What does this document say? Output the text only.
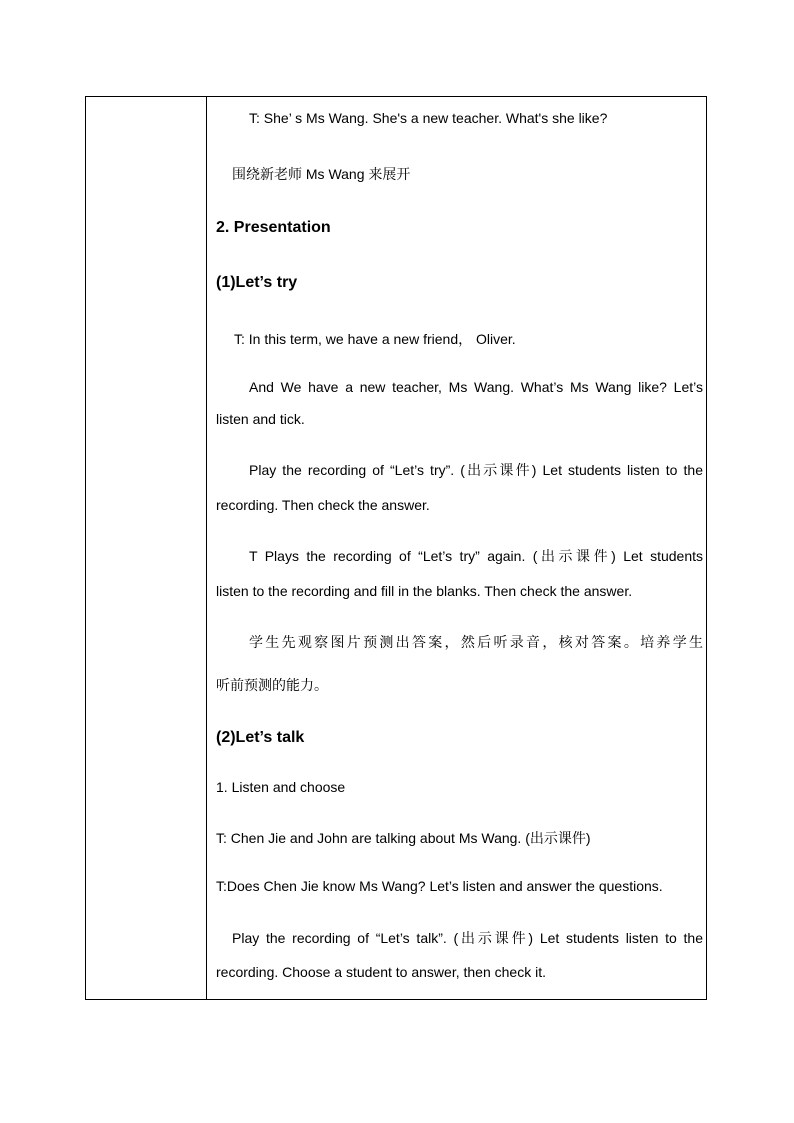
T: She’ s Ms Wang. She's a new teacher. What's she like?
围绕新老师 Ms Wang 来展开
2. Presentation
(1)Let’s try
T: In this term, we have a new friend， Oliver.
And We have a new teacher, Ms Wang. What’s Ms Wang like? Let’s
listen and tick.
Play the recording of “Let’s try”. (出示课件) Let students listen to the
recording. Then check the answer.
T Plays the recording of “Let’s try” again. (出示课件) Let students
listen to the recording and fill in the blanks. Then check the answer.
学生先观察图片预测出答案，然后听录音，核对答案。培养学生
听前预测的能力。
(2)Let’s talk
1. Listen and choose
T: Chen Jie and John are talking about Ms Wang. (出示课件)
T:Does Chen Jie know Ms Wang? Let’s listen and answer the questions.
Play the recording of “Let’s talk”. (出示课件) Let students listen to the
recording. Choose a student to answer, then check it.
